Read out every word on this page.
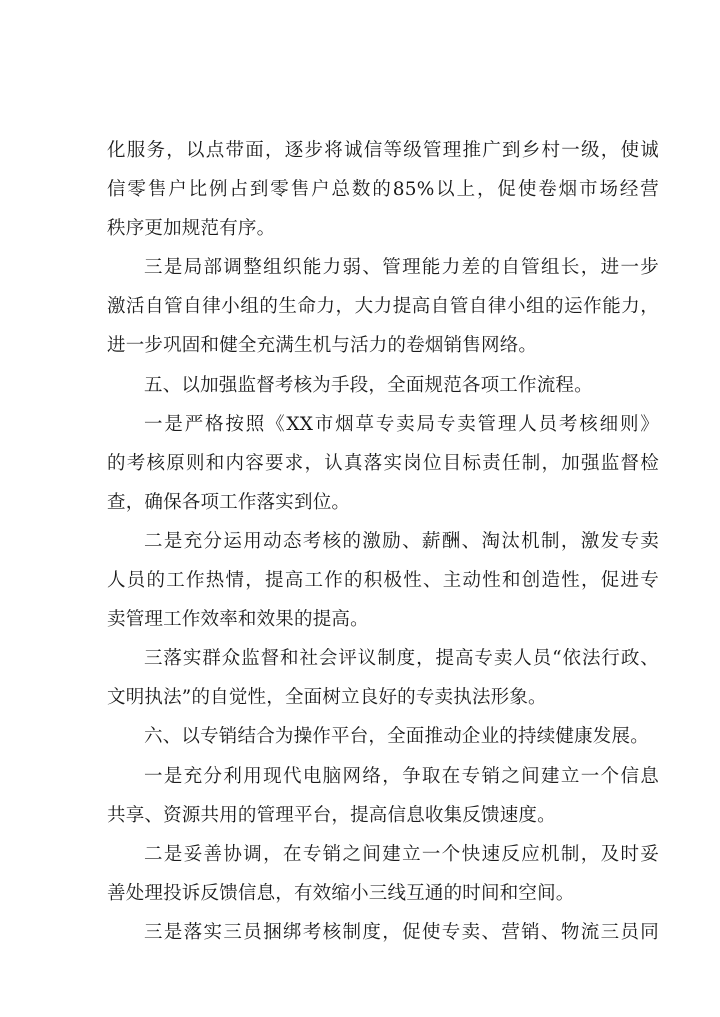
化服务，以点带面，逐步将诚信等级管理推广到乡村一级，使诚
信零售户比例占到零售户总数的85%以上，促使卷烟市场经营
秩序更加规范有序。
三是局部调整组织能力弱、管理能力差的自管组长，进一步
激活自管自律小组的生命力，大力提高自管自律小组的运作能力，
进一步巩固和健全充满生机与活力的卷烟销售网络。
五、以加强监督考核为手段，全面规范各项工作流程。
一是严格按照《XX市烟草专卖局专卖管理人员考核细则》
的考核原则和内容要求，认真落实岗位目标责任制，加强监督检
查，确保各项工作落实到位。
二是充分运用动态考核的激励、薪酬、淘汰机制，激发专卖
人员的工作热情，提高工作的积极性、主动性和创造性，促进专
卖管理工作效率和效果的提高。
三落实群众监督和社会评议制度，提高专卖人员“依法行政、
文明执法”的自觉性，全面树立良好的专卖执法形象。
六、以专销结合为操作平台，全面推动企业的持续健康发展。
一是充分利用现代电脑网络，争取在专销之间建立一个信息
共享、资源共用的管理平台，提高信息收集反馈速度。
二是妥善协调，在专销之间建立一个快速反应机制，及时妥
善处理投诉反馈信息，有效缩小三线互通的时间和空间。
三是落实三员捆绑考核制度，促使专卖、营销、物流三员同
